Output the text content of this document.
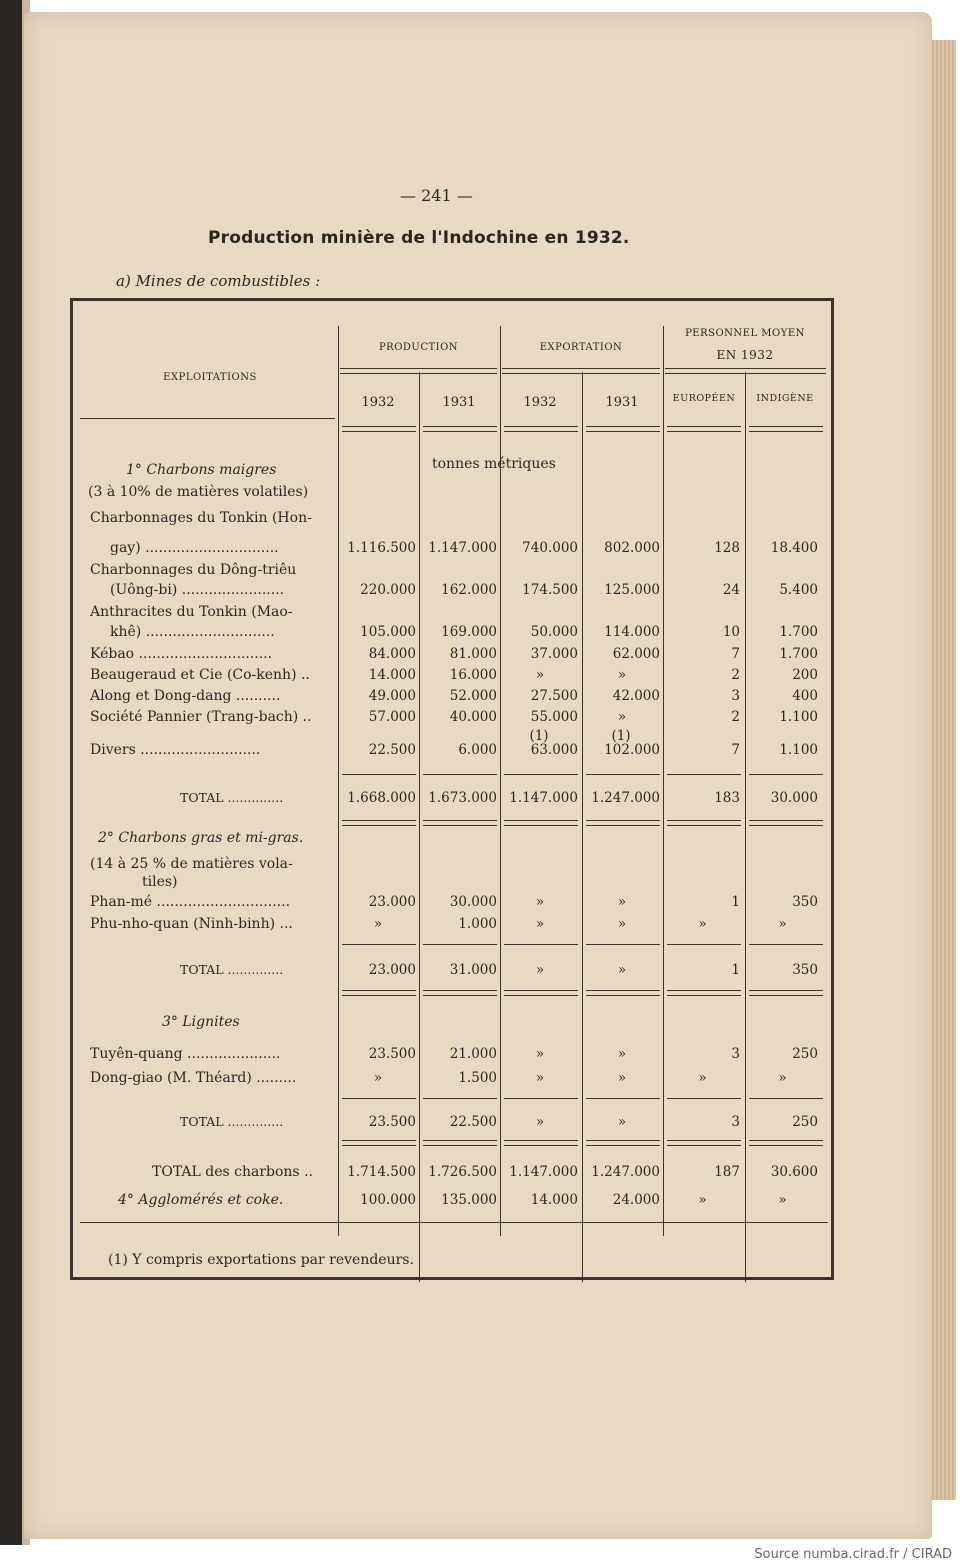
— 241 —
Production minière de l'Indochine en 1932.
a) Mines de combustibles :
EXPLOITATIONS
PRODUCTION	EXPORTATION
PERSONNEL MOYEN
EN 1932
1932	1931	1932	1931	EUROPÉEN	INDIGÈNE
tonnes métriques
1° Charbons maigres
(3 à 10% de matières volatiles)
Charbonnages du Tonkin (Hon-
gay) ..............................	1.116.500 1.147.000	740.000	802.000	128	18.400
Charbonnages du Dông-triêu
(Uông-bi) .......................	220.000	162.000	174.500	125.000	24	5.400
Anthracites du Tonkin (Mao-
khê) .............................	105.000	169.000	50.000	114.000	10	1.700
Kébao ..............................	84.000	81.000	37.000	62.000	7	1.700
Beaugeraud et Cie (Co-kenh) ..	14.000	16.000	»	»	2	200
Along et Dong-dang ..........	49.000	52.000	27.500	42.000	3	400
Société Pannier (Trang-bach) ..	57.000	40.000	55.000	»	2	1.100
Divers ...........................	22.500	6.000	63.000	102.000	7	1.100
(1)	(1)
TOTAL ..............	1.668.000 1.673.000 1.147.000 1.247.000	183	30.000
2° Charbons gras et mi-gras.
(14 à 25 % de matières vola-
tiles)
Phan-mé ..............................	23.000	30.000	»	»	1	350
Phu-nho-quan (Ninh-binh) ...	»	1.000	»	»	»	»
TOTAL ..............	23.000	31.000	»	»	1	350
3° Lignites
Tuyên-quang .....................	23.500	21.000	»	»	3	250
Dong-giao (M. Théard) .........	»	1.500	»	»	»	»
TOTAL ..............	23.500	22.500	»	»	3	250
TOTAL des charbons ..	1.714.500 1.726.500 1.147.000 1.247.000	187	30.600
4° Agglomérés et coke.	100.000	135.000	14.000	24.000	»	»
(1) Y compris exportations par revendeurs.
Source numba.cirad.fr / CIRAD
